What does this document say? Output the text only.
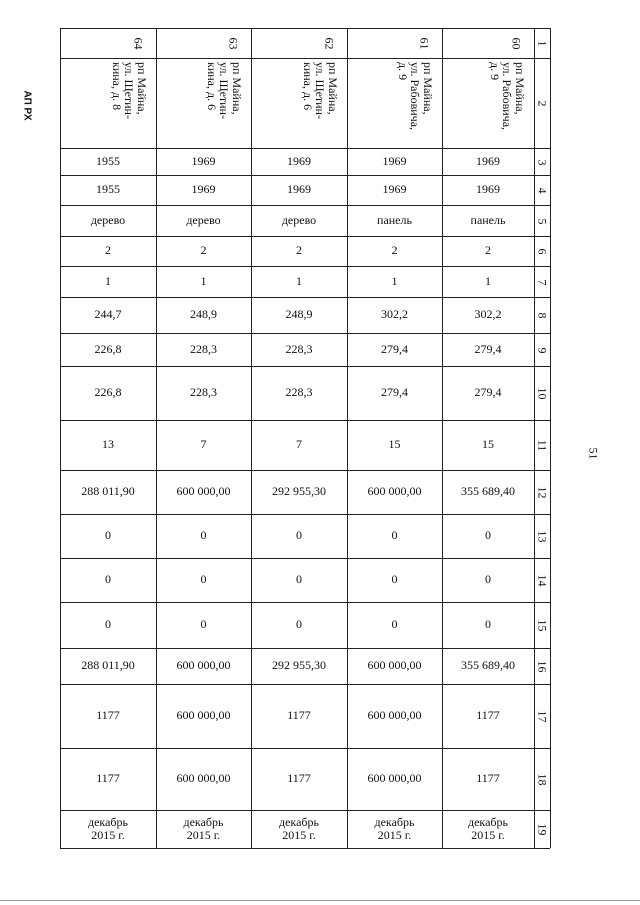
АП РХ
51
1
2
3
4
5
6
7
8
9
10
11
12
13
14
15
16
17
18
19
60
рп Майна,
ул. Рабовича,
д. 9
1969
1969
панель
2
1
302,2
279,4
279,4
15
355 689,40
0
0
0
355 689,40
1177
1177
декабрь
2015 г.
61
рп Майна,
ул. Рабовича,
д. 9
1969
1969
панель
2
1
302,2
279,4
279,4
15
600 000,00
0
0
0
600 000,00
600 000,00
600 000,00
декабрь
2015 г.
62
рп Майна,
ул. Щетин-
кина, д. 6
1969
1969
дерево
2
1
248,9
228,3
228,3
7
292 955,30
0
0
0
292 955,30
1177
1177
декабрь
2015 г.
63
рп Майна,
ул. Щетин-
кина, д. 6
1969
1969
дерево
2
1
248,9
228,3
228,3
7
600 000,00
0
0
0
600 000,00
600 000,00
600 000,00
декабрь
2015 г.
64
рп Майна,
ул. Щетин-
кина, д. 8
1955
1955
дерево
2
1
244,7
226,8
226,8
13
288 011,90
0
0
0
288 011,90
1177
1177
декабрь
2015 г.
